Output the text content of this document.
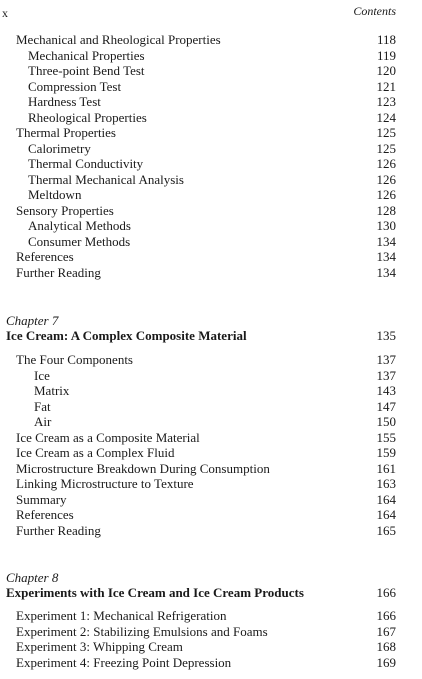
x	Contents
Mechanical and Rheological Properties	118
Mechanical Properties	119
Three-point Bend Test	120
Compression Test	121
Hardness Test	123
Rheological Properties	124
Thermal Properties	125
Calorimetry	125
Thermal Conductivity	126
Thermal Mechanical Analysis	126
Meltdown	126
Sensory Properties	128
Analytical Methods	130
Consumer Methods	134
References	134
Further Reading	134
Chapter 7
Ice Cream: A Complex Composite Material	135
The Four Components	137
Ice	137
Matrix	143
Fat	147
Air	150
Ice Cream as a Composite Material	155
Ice Cream as a Complex Fluid	159
Microstructure Breakdown During Consumption	161
Linking Microstructure to Texture	163
Summary	164
References	164
Further Reading	165
Chapter 8
Experiments with Ice Cream and Ice Cream Products	166
Experiment 1: Mechanical Refrigeration	166
Experiment 2: Stabilizing Emulsions and Foams	167
Experiment 3: Whipping Cream	168
Experiment 4: Freezing Point Depression	169
